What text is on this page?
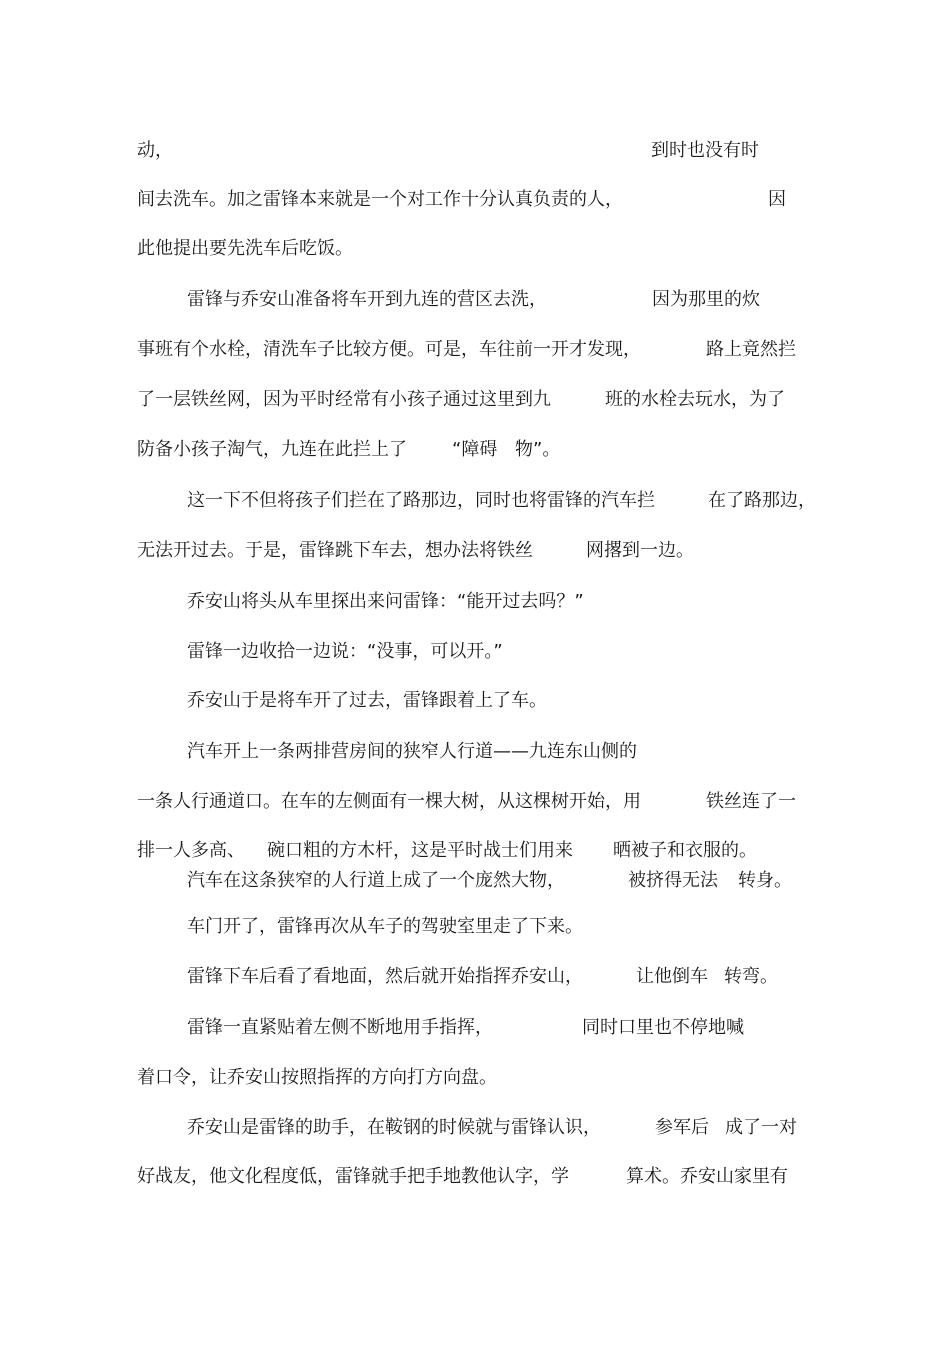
动，	到时也没有时
间去洗车。加之雷锋本来就是一个对工作十分认真负责的人，	因
此他提出要先洗车后吃饭。
雷锋与乔安山准备将车开到九连的营区去洗，	因为那里的炊
事班有个水栓，清洗车子比较方便。可是，车往前一开才发现，	路上竟然拦
了一层铁丝网，因为平时经常有小孩子通过这里到九	班的水栓去玩水，为了
防备小孩子淘气，九连在此拦上了	“障碍 物”。
这一下不但将孩子们拦在了路那边，同时也将雷锋的汽车拦	在了路那边，
无法开过去。于是，雷锋跳下车去，想办法将铁丝	网撂到一边。
乔安山将头从车里探出来问雷锋：“能开过去吗？”
雷锋一边收拾一边说：“没事，可以开。”
乔安山于是将车开了过去，雷锋跟着上了车。
汽车开上一条两排营房间的狭窄人行道——九连东山侧的
一条人行通道口。在车的左侧面有一棵大树，从这棵树开始，用	铁丝连了一
排一人多高、 碗口粗的方木杆，这是平时战士们用来 晒被子和衣服的。
汽车在这条狭窄的人行道上成了一个庞然大物，	被挤得无法 转身。
车门开了，雷锋再次从车子的驾驶室里走了下来。
雷锋下车后看了看地面，然后就开始指挥乔安山，	让他倒车 转弯。
雷锋一直紧贴着左侧不断地用手指挥，	同时口里也不停地喊
着口令，让乔安山按照指挥的方向打方向盘。
乔安山是雷锋的助手，在鞍钢的时候就与雷锋认识，	参军后 成了一对
好战友，他文化程度低，雷锋就手把手地教他认字，学	算术。乔安山家里有
